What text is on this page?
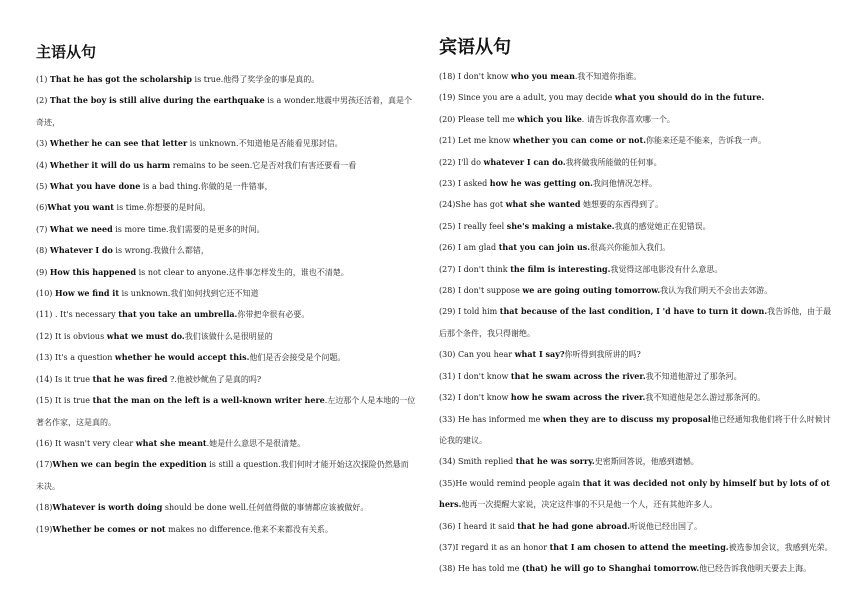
主语从句

(1) That he has got the scholarship is true.他得了奖学金的事是真的。

(2) That the boy is still alive during the earthquake is a wonder.地震中男孩还活着，真是个奇迹，

(3) Whether he can see that letter is unknown.不知道他是否能看见那封信。

(4) Whether it will do us harm remains to be seen.它是否对我们有害还要看一看

(5) What you have done is a bad thing.你做的是一件错事，

(6)What you want is time.你想要的是时间。

(7) What we need is more time.我们需要的是更多的时间。

(8) Whatever I do is wrong.我做什么都错，

(9) How this happened is not clear to anyone.这件事怎样发生的，谁也不清楚。

(10) How we find it is unknown.我们如何找到它还不知道

(11) . It's necessary that you take an umbrella.你带把伞很有必要。

(12) It is obvious what we must do.我们该做什么是很明显的

(13) It's a question whether he would accept this.他们是否会接受是个问题。

(14) Is it true that he was fired ?.他被炒鱿鱼了是真的吗?

(15) It is true that the man on the left is a well-known writer here.左边那个人是本地的一位著名作家，这是真的。

(16) It wasn't very clear what she meant.她是什么意思不是很清楚。

(17)When we can begin the expedition is still a question.我们何时才能开始这次探险仍然悬而未决。

(18)Whatever is worth doing should be done well.任何值得做的事情都应该被做好。

(19)Whether be comes or not makes no difference.他来不来都没有关系。

宾语从句

(18) I don't know who you mean.我不知道你指谁。

(19) Since you are a adult, you may decide what you should do in the future.

(20) Please tell me which you like. 请告诉我你喜欢哪一个。

(21) Let me know whether you can come or not.你能来还是不能来，告诉我一声。

(22) I'll do whatever I can do.我将做我所能做的任何事。

(23) I asked how he was getting on.我问他情况怎样。

(24)She has got what she wanted 她想要的东西得到了。

(25) I really feel she's making a mistake.我真的感觉她正在犯错误。

(26) I am glad that you can join us.很高兴你能加入我们。

(27) I don't think the film is interesting.我觉得这部电影没有什么意思。

(28) I don't suppose we are going outing tomorrow.我认为我们明天不会出去郊游。

(29) I told him that because of the last condition, I 'd have to turn it down.我告诉他，由于最后那个条件，我只得谢绝。

(30) Can you hear what I say?你听得到我所讲的吗?

(31) I don't know that he swam across the river.我不知道他游过了那条河。

(32) I don't know how he swam across the river.我不知道他是怎么游过那条河的。

(33) He has informed me when they are to discuss my proposal他已经通知我他们将于什么时候讨论我的建议。

(34) Smith replied that he was sorry.史密斯回答说，他感到遗憾。

(35)He would remind people again that it was decided not only by himself but by lots of others.他再一次提醒大家说，决定这件事的不只是他一个人，还有其他许多人。

(36) I heard it said that he had gone abroad.听说他已经出国了。

(37)I regard it as an honor that I am chosen to attend the meeting.被选参加会议，我感到光荣。

(38) He has told me (that) he will go to Shanghai tomorrow.他已经告诉我他明天要去上海。
